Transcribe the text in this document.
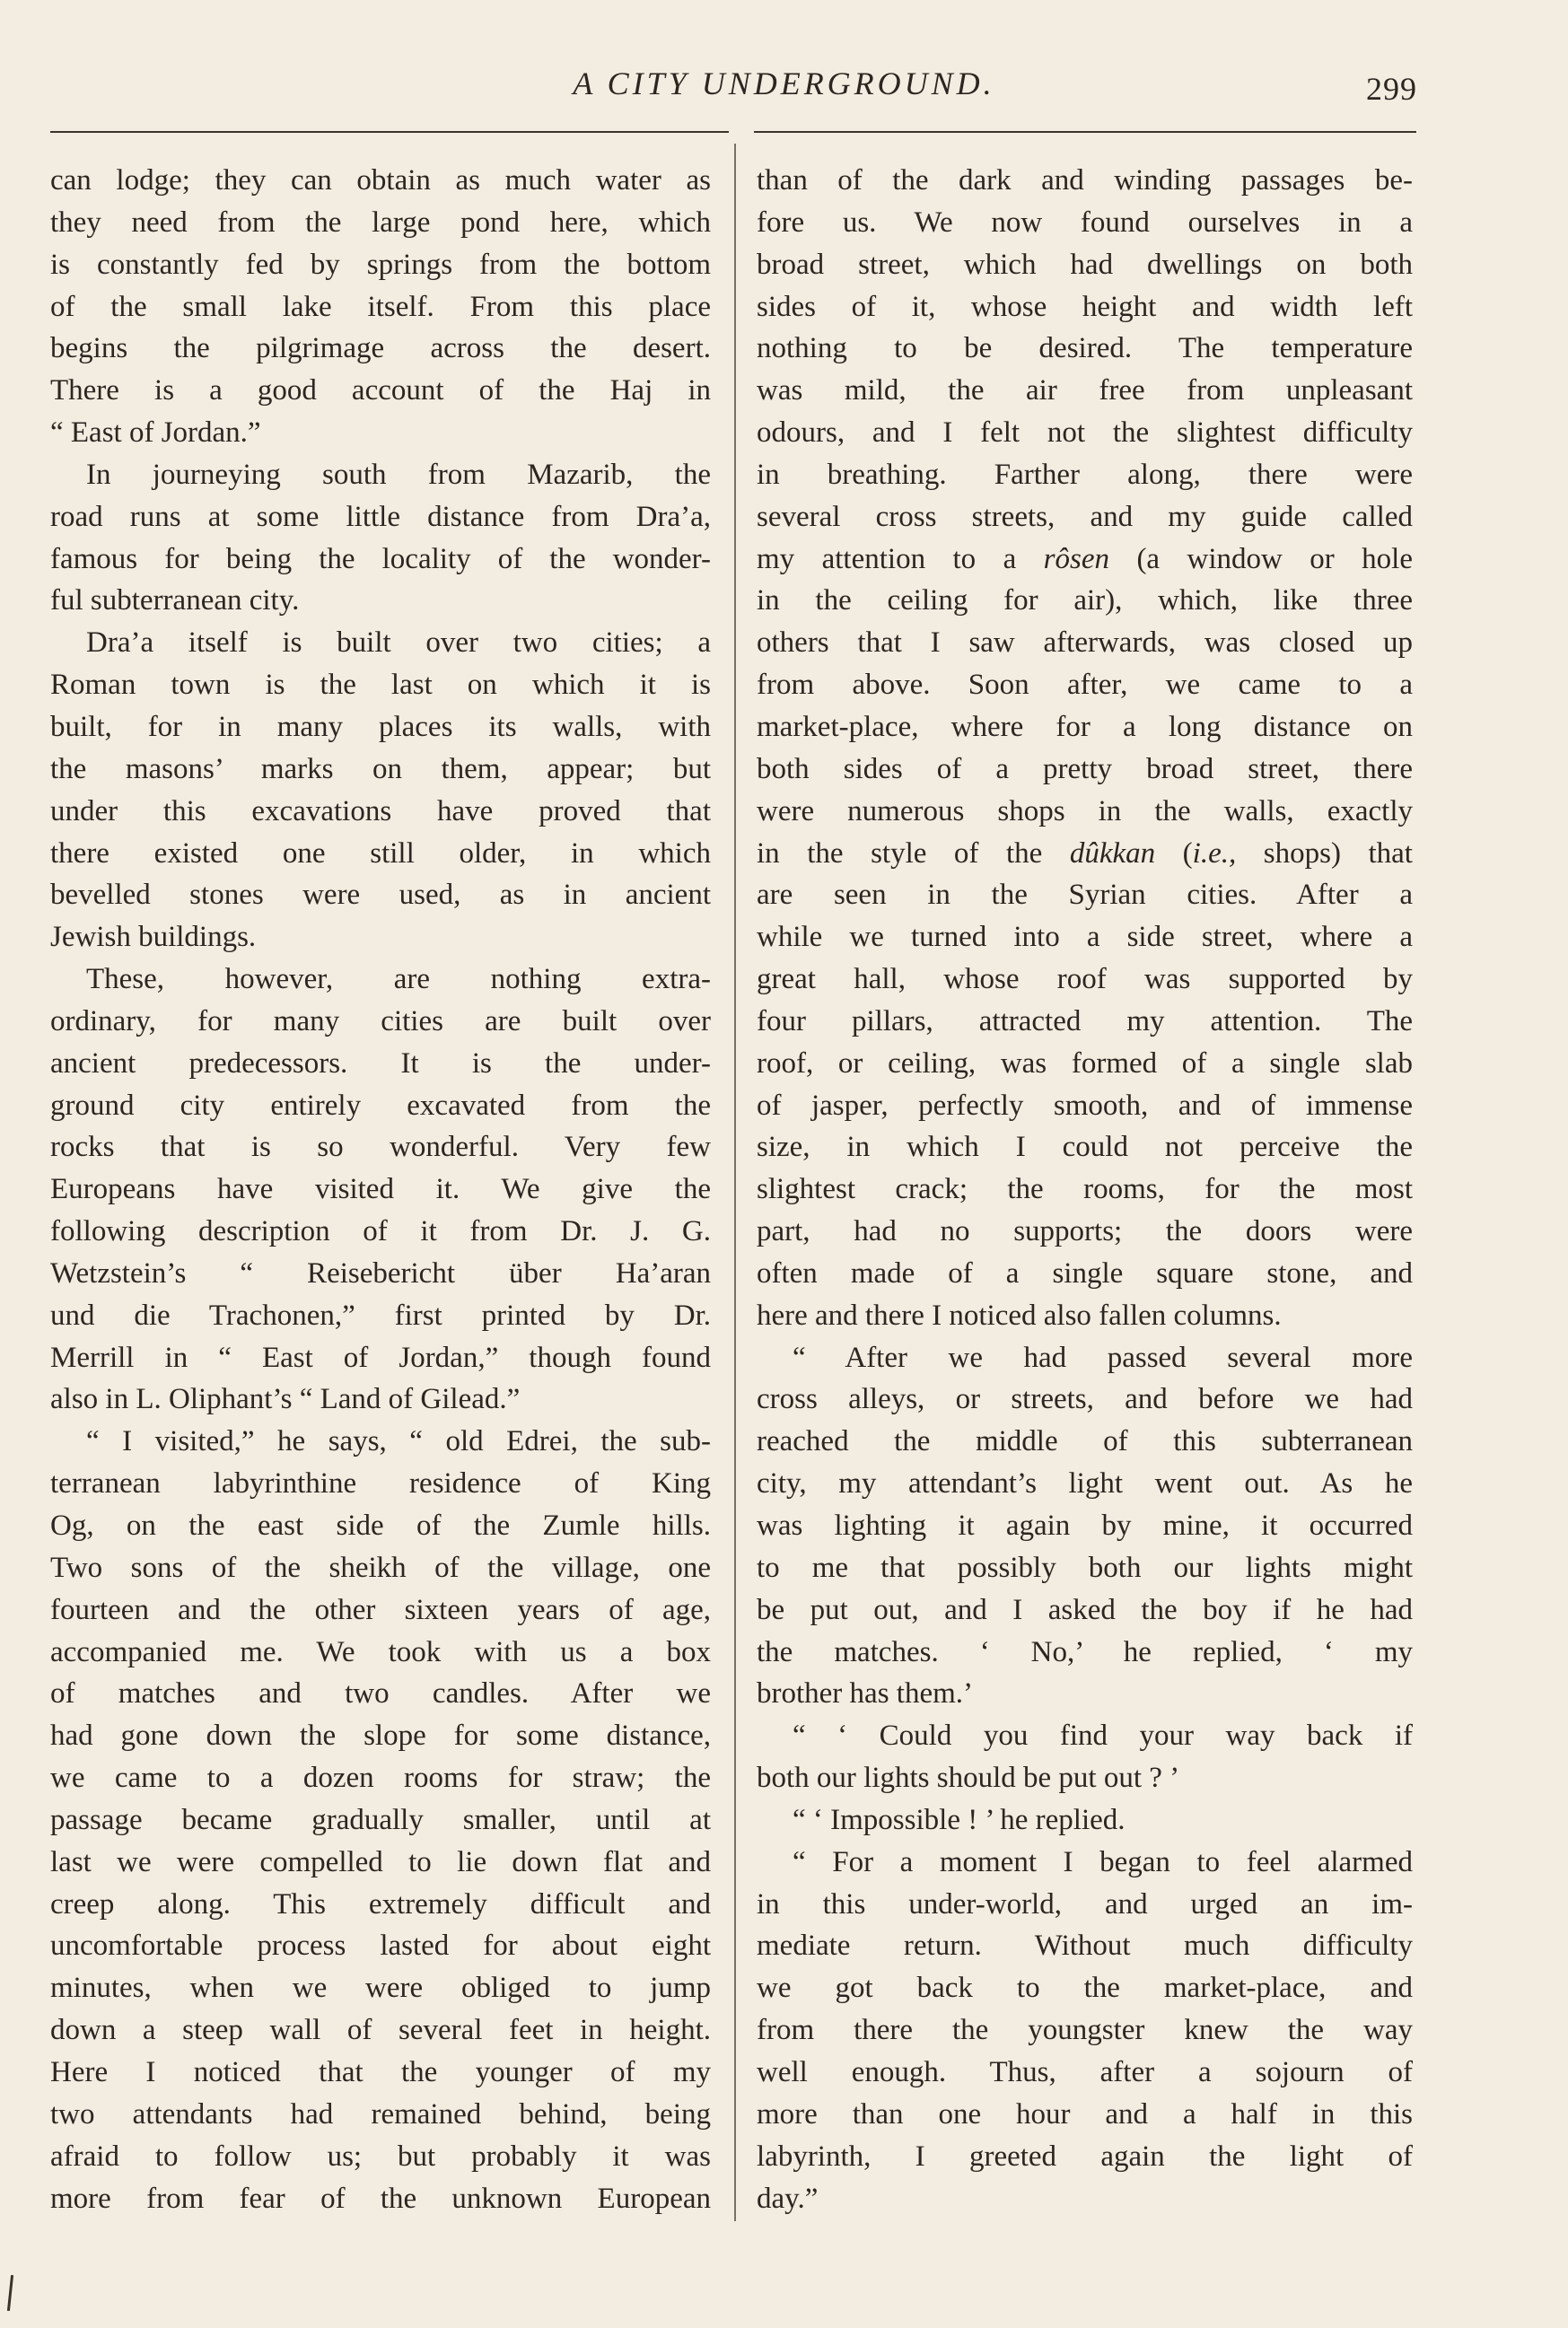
A CITY UNDERGROUND.	299

can lodge; they can obtain as much water as

they need from the large pond here, which

is constantly fed by springs from the bottom

of the small lake itself. From this place

begins the pilgrimage across the desert.

There is a good account of the Haj in

“ East of Jordan.”

In journeying south from Mazarib, the

road runs at some little distance from Dra’a,

famous for being the locality of the wonder-

ful subterranean city.

Dra’a itself is built over two cities; a

Roman town is the last on which it is

built, for in many places its walls, with

the masons’ marks on them, appear; but

under this excavations have proved that

there existed one still older, in which

bevelled stones were used, as in ancient

Jewish buildings.

These, however, are nothing extra-

ordinary, for many cities are built over

ancient predecessors. It is the under-

ground city entirely excavated from the

rocks that is so wonderful. Very few

Europeans have visited it. We give the

following description of it from Dr. J. G.

Wetzstein’s “ Reisebericht über Ha’aran

und die Trachonen,” first printed by Dr.

Merrill in “ East of Jordan,” though found

also in L. Oliphant’s “ Land of Gilead.”

“ I visited,” he says, “ old Edrei, the sub-

terranean labyrinthine residence of King

Og, on the east side of the Zumle hills.

Two sons of the sheikh of the village, one

fourteen and the other sixteen years of age,

accompanied me. We took with us a box

of matches and two candles. After we

had gone down the slope for some distance,

we came to a dozen rooms for straw; the

passage became gradually smaller, until at

last we were compelled to lie down flat and

creep along. This extremely difficult and

uncomfortable process lasted for about eight

minutes, when we were obliged to jump

down a steep wall of several feet in height.

Here I noticed that the younger of my

two attendants had remained behind, being

afraid to follow us; but probably it was

more from fear of the unknown European

than of the dark and winding passages be-

fore us. We now found ourselves in a

broad street, which had dwellings on both

sides of it, whose height and width left

nothing to be desired. The temperature

was mild, the air free from unpleasant

odours, and I felt not the slightest difficulty

in breathing. Farther along, there were

several cross streets, and my guide called

my attention to a rôsen (a window or hole

in the ceiling for air), which, like three

others that I saw afterwards, was closed up

from above. Soon after, we came to a

market-place, where for a long distance on

both sides of a pretty broad street, there

were numerous shops in the walls, exactly

in the style of the dûkkan (i.e., shops) that

are seen in the Syrian cities. After a

while we turned into a side street, where a

great hall, whose roof was supported by

four pillars, attracted my attention. The

roof, or ceiling, was formed of a single slab

of jasper, perfectly smooth, and of immense

size, in which I could not perceive the

slightest crack; the rooms, for the most

part, had no supports; the doors were

often made of a single square stone, and

here and there I noticed also fallen columns.

“ After we had passed several more

cross alleys, or streets, and before we had

reached the middle of this subterranean

city, my attendant’s light went out. As he

was lighting it again by mine, it occurred

to me that possibly both our lights might

be put out, and I asked the boy if he had

the matches. ‘ No,’ he replied, ‘ my

brother has them.’

“ ‘ Could you find your way back if

both our lights should be put out ? ’

“ ‘ Impossible ! ’ he replied.

“ For a moment I began to feel alarmed

in this under-world, and urged an im-

mediate return. Without much difficulty

we got back to the market-place, and

from there the youngster knew the way

well enough. Thus, after a sojourn of

more than one hour and a half in this

labyrinth, I greeted again the light of

day.”
